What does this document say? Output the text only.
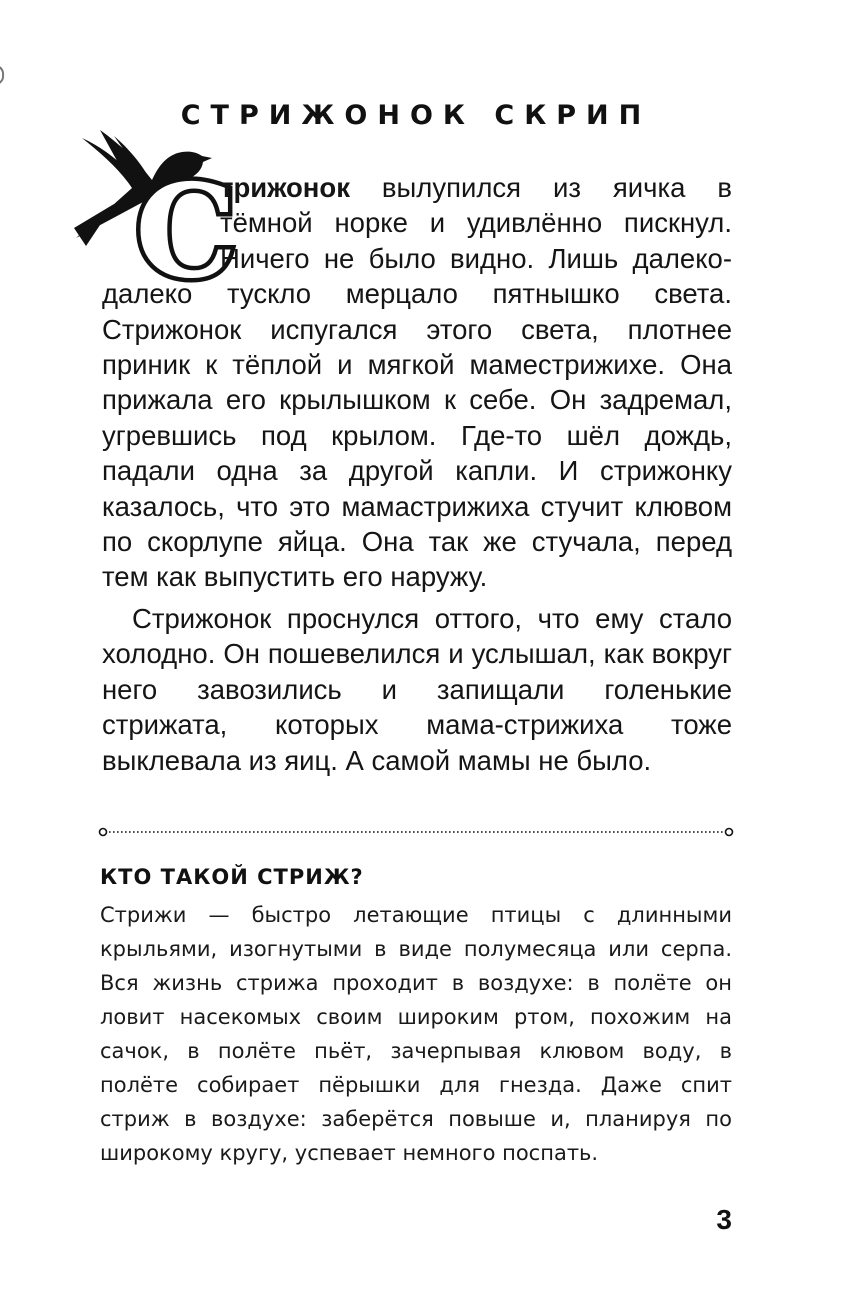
СТРИЖОНОК СКРИП
С

трижонок вылупился из яичка в тёмной норке и удивлённо пискнул. Ничего не было видно. Лишь далеко-далеко тускло мерцало пятнышко света. Стрижонок испугался этого света, плотнее приник к тёплой и мягкой маместрижихе. Она прижала его крылышком к себе. Он задремал, угревшись под крылом. Где-то шёл дождь, падали одна за другой капли. И стрижонку казалось, что это мамастрижиха стучит клювом по скорлупе яйца. Она так же стучала, перед тем как выпустить его наружу.

Стрижонок проснулся оттого, что ему стало холодно. Он пошевелился и услышал, как вокруг него завозились и запищали голенькие стрижата, которых мама-стрижиха тоже выклевала из яиц. А самой мамы не было.

КТО ТАКОЙ СТРИЖ?
Стрижи — быстро летающие птицы с длинными крыльями, изогнутыми в виде полумесяца или серпа. Вся жизнь стрижа проходит в воздухе: в полёте он ловит насекомых своим широким ртом, похожим на сачок, в полёте пьёт, зачерпывая клювом воду, в полёте собирает пёрышки для гнезда. Даже спит стриж в воздухе: заберётся повыше и, планируя по широкому кругу, успевает немного поспать.
3
